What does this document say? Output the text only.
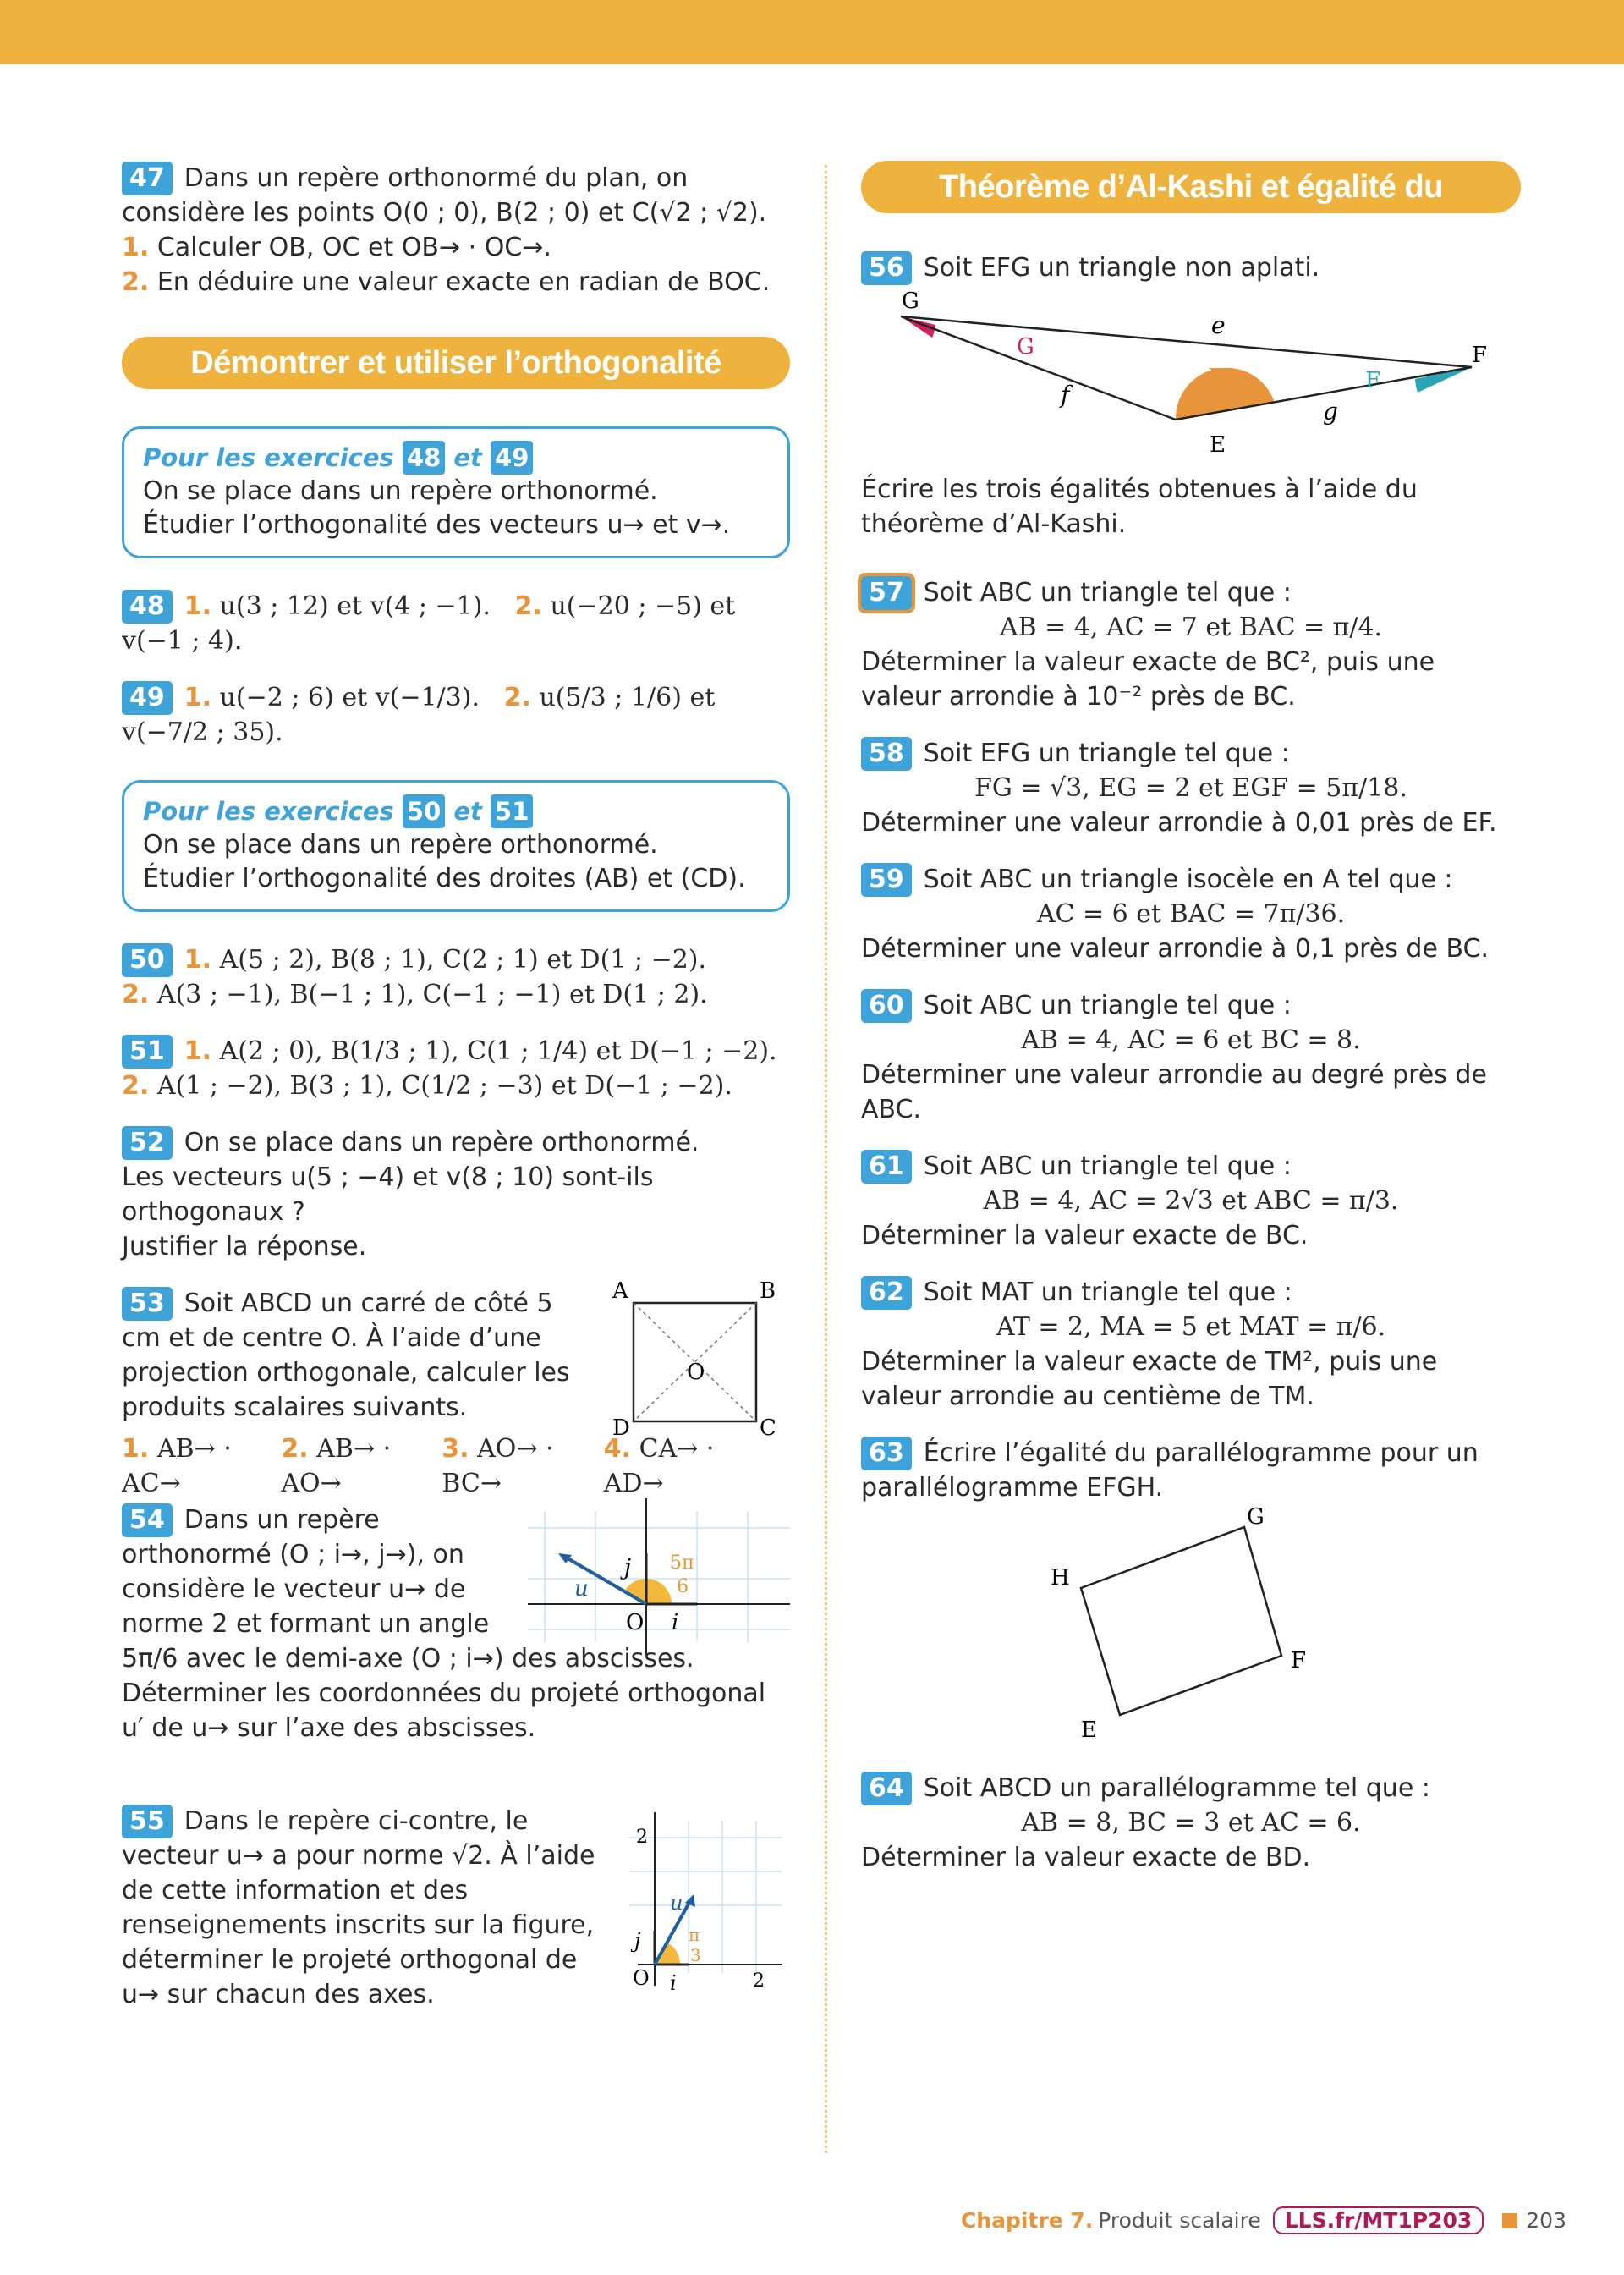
47 Dans un repère orthonormé du plan, on considère les points O(0 ; 0), B(2 ; 0) et C(√2 ; √2).
1. Calculer OB, OC et OB→ · OC→.
2. En déduire une valeur exacte en radian de BOC.
Démontrer et utiliser l’orthogonalité
Pour les exercices 48 et 49
On se place dans un repère orthonormé.
Étudier l’orthogonalité des vecteurs u→ et v→.
48 1. u(3 ; 12) et v(4 ; −1). 2. u(−20 ; −5) et v(−1 ; 4).
49 1. u(−2 ; 6) et v(−1/3). 2. u(5/3 ; 1/6) et v(−7/2 ; 35).
Pour les exercices 50 et 51
On se place dans un repère orthonormé.
Étudier l’orthogonalité des droites (AB) et (CD).
50 1. A(5 ; 2), B(8 ; 1), C(2 ; 1) et D(1 ; −2).
2. A(3 ; −1), B(−1 ; 1), C(−1 ; −1) et D(1 ; 2).
51 1. A(2 ; 0), B(1/3 ; 1), C(1 ; 1/4) et D(−1 ; −2).
2. A(1 ; −2), B(3 ; 1), C(1/2 ; −3) et D(−1 ; −2).
52 On se place dans un repère orthonormé.
Les vecteurs u(5 ; −4) et v(8 ; 10) sont-ils orthogonaux ?
Justifier la réponse.
53 Soit ABCD un carré de côté 5 cm et de centre O. À l’aide d’une projection orthogonale, calculer les produits scalaires suivants.
1. AB→ · AC→
2. AB→ · AO→
3. AO→ · BC→
4. CA→ · AD→
A	B
C
D
O
54 Dans un repère orthonormé (O ; i→, j→), on considère le vecteur u→ de norme 2 et formant un angle
5π/6 avec le demi-axe (O ; i→) des abscisses. Déterminer les coordonnées du projeté orthogonal u′ de u→ sur l’axe des abscisses.
u
i
j
O
5π
6
55 Dans le repère ci-contre, le vecteur u→ a pour norme √2. À l’aide de cette information et des renseignements inscrits sur la figure, déterminer le projeté orthogonal de u→ sur chacun des axes.
u
i
j
O	2
2
π
3
Théorème d’Al-Kashi et égalité du parallélogramme
56 Soit EFG un triangle non aplati.
G
F
E
e
f
g
G
E	F
Écrire les trois égalités obtenues à l’aide du théorème d’Al-Kashi.
57 Soit ABC un triangle tel que :
AB = 4, AC = 7 et BAC = π/4.
Déterminer la valeur exacte de BC², puis une valeur arrondie à 10⁻² près de BC.
58 Soit EFG un triangle tel que :
FG = √3, EG = 2 et EGF = 5π/18.
Déterminer une valeur arrondie à 0,01 près de EF.
59 Soit ABC un triangle isocèle en A tel que :
AC = 6 et BAC = 7π/36.
Déterminer une valeur arrondie à 0,1 près de BC.
60 Soit ABC un triangle tel que :
AB = 4, AC = 6 et BC = 8.
Déterminer une valeur arrondie au degré près de ABC.
61 Soit ABC un triangle tel que :
AB = 4, AC = 2√3 et ABC = π/3.
Déterminer la valeur exacte de BC.
62 Soit MAT un triangle tel que :
AT = 2, MA = 5 et MAT = π/6.
Déterminer la valeur exacte de TM², puis une valeur arrondie au centième de TM.
63 Écrire l’égalité du parallélogramme pour un parallélogramme EFGH.
G
H
F
E
64 Soit ABCD un parallélogramme tel que :
AB = 8, BC = 3 et AC = 6.
Déterminer la valeur exacte de BD.
Chapitre 7. Produit scalaire	LLS.fr/MT1P203	203
